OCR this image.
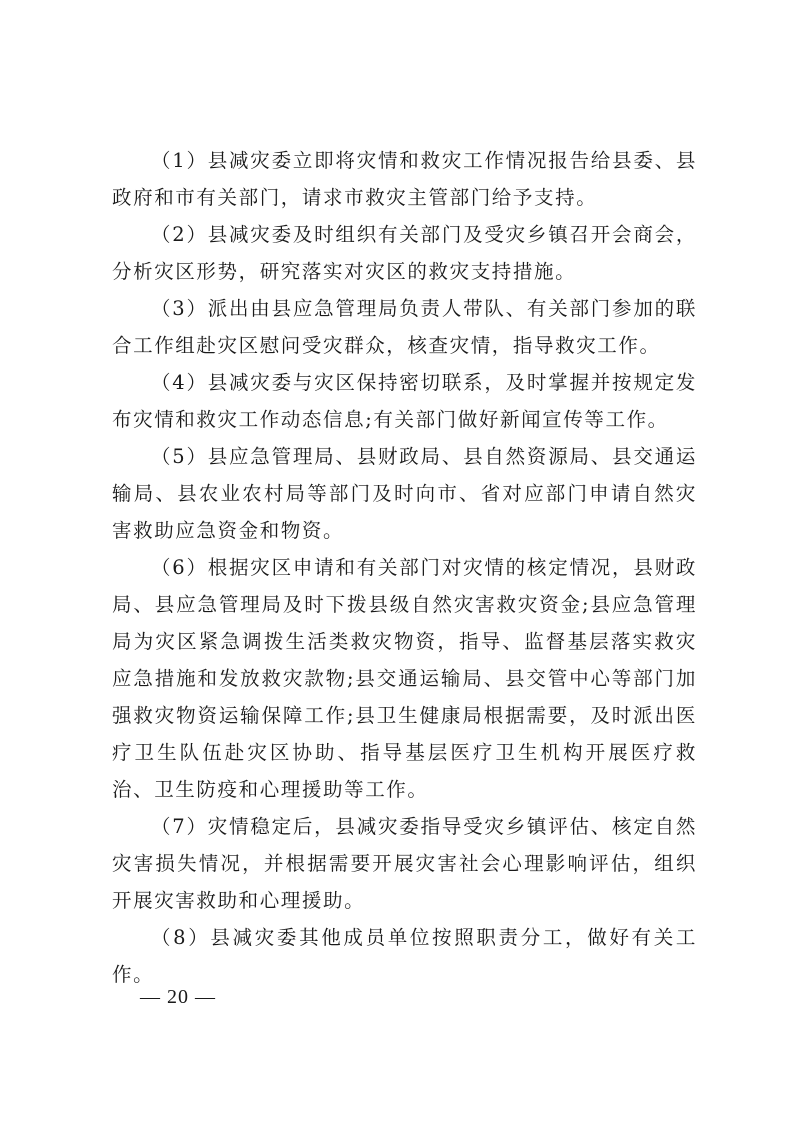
（1）县减灾委立即将灾情和救灾工作情况报告给县委、县政府和市有关部门，请求市救灾主管部门给予支持。

（2）县减灾委及时组织有关部门及受灾乡镇召开会商会，分析灾区形势，研究落实对灾区的救灾支持措施。

（3）派出由县应急管理局负责人带队、有关部门参加的联合工作组赴灾区慰问受灾群众，核查灾情，指导救灾工作。

（4）县减灾委与灾区保持密切联系，及时掌握并按规定发布灾情和救灾工作动态信息;有关部门做好新闻宣传等工作。

（5）县应急管理局、县财政局、县自然资源局、县交通运输局、县农业农村局等部门及时向市、省对应部门申请自然灾害救助应急资金和物资。

（6）根据灾区申请和有关部门对灾情的核定情况，县财政局、县应急管理局及时下拨县级自然灾害救灾资金;县应急管理局为灾区紧急调拨生活类救灾物资，指导、监督基层落实救灾应急措施和发放救灾款物;县交通运输局、县交管中心等部门加强救灾物资运输保障工作;县卫生健康局根据需要，及时派出医疗卫生队伍赴灾区协助、指导基层医疗卫生机构开展医疗救治、卫生防疫和心理援助等工作。

（7）灾情稳定后，县减灾委指导受灾乡镇评估、核定自然灾害损失情况，并根据需要开展灾害社会心理影响评估，组织开展灾害救助和心理援助。

（8）县减灾委其他成员单位按照职责分工，做好有关工作。

— 20 —
